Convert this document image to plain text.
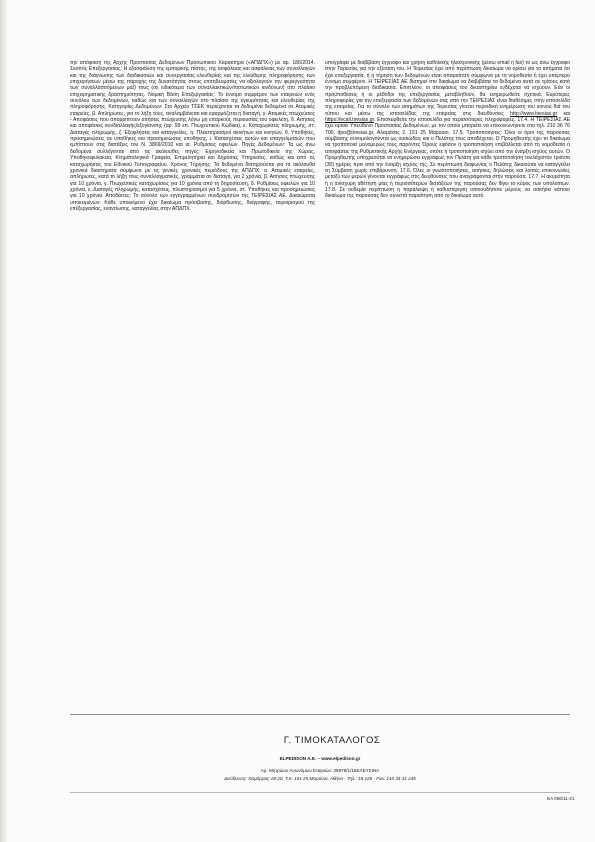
την απόφαση της Αρχής Προστασίας Δεδομένων Προσωπικού Χαρακτήρα («ΑΠΔΠΧ») με αρ. 186/2014. Σκοπός Επεξεργασίας: Η εξασφάλιση της εμπορικής πίστης, της ασφάλειας και ασφάλειας των συναλλαγών και της διάγνωσης των διαδικασιών και συνεργασίας ελευθερίας και της ελεύθερης πληροφόρησης των επιχειρήσεων μέσω της παροχής της δυνατότητας στους επιτηδευματίες να αξιολογούν την φερεγγυότητα των συναλλασσόμενων μαζί τους (σε ειδικότερα των συναλλακτικών/πιστωτικών κινδύνων) στο πλαίσιο επιχειρηματικής δραστηριότητας. Νομική Βάση Επεξεργασίας: Το έννομο συμφέρον των εταιρειών ενός συνόλου των δεδομένων, καθώς και των συναλλαγών στο πλαίσιο της εγκυρότητας και ελευθερίας της πληροφόρησης. Κατηγορίες Δεδομένων: Στο Αρχείο ΤΣΕΚ περιέχονται τα δεδομένα δεδομένα σε Ατομικές εταιρείες, β. Απλήρωτες, για το λήξη τους, αναλαμβάνεται και εφαρμόζεται η διαταγή, γ. Ατομικές πτωχεύσεις - Αποφάσεις που απορρίπτουν αιτήσεις πτώχευσης λόγω μη επαρκούς περιουσίας του οφειλέτη, δ. Αιτήσεις και αποφάσεις συνδιαλλαγής/εξυγίανσης (αρ. 99 επ. Πτωχευτικού Κώδικα), ε. Καταχωρίσεις πληρωμής, στ. Διαταγές πληρωμής, ζ. Εξοφλήσεις και καταγγελίες, η. Πλειστηριασμοί ακινήτων και κινητών, θ. Υποθήκες, προσημειώσεις σε υποθήκες και προσημειώσεις υποθήκης, ι. Κατασχέσεις αυτών και επαγγελματιών που εμπίπτουν στις διατάξεις του Ν. 3869/2010 και ια. Ρυθμίσεις οφειλών. Πηγές Δεδομένων: Τα ως άνω δεδομένα συλλέγονται από τις ακόλουθες πηγές: Ειρηνοδικεία και Πρωτοδικεία της Χώρας, Υποθηκοφυλακεία, Κτηματολογικά Γραφεία, Επιμελητήρια και Δημόσιες Υπηρεσίες, καθώς και από τις καταχωρήσεις του Εθνικού Τυπογραφείου. Χρόνος Τήρησης: Τα δεδομένα διατηρούνται για τα ακόλουθα χρονικά διαστήματα σύμφωνα με τις γενικές χρονικές περιόδους της ΑΠΔΠΧ: α. Ατομικές εταιρείες, απλήρωτες, κατά το λήξη τους συναλλαγματικές, γραμμάτια σε διαταγή, για 2 χρόνια, β. Αιτήσεις πτώχευσης για 10 χρόνια, γ. Πτωχευτικές καταχωρίσεις για 10 χρόνια από τη δημοσίευση, δ. Ρυθμίσεις οφειλών για 10 χρόνια, ε. Διαταγές πληρωμής, κατασχέσεις, πλειστηριασμοί για 5 χρόνια, στ. Υποθήκες και προσημειώσεις για 10 χρόνια. Αποδέκτες: Το σύνολο των εγγεγραμμένων συνδρομητών της ΤΕΙΡΕΣΙΑΣ ΑΕ. Δικαιώματα υποκειμένων: Κάθε υποκείμενο έχει δικαίωμα πρόσβασης, διόρθωσης, διαγραφής, περιορισμού της επεξεργασίας, εναντίωσης, καταγγελίας στην ΑΠΔΠΧ.

υπογράφει με διαβίβαση έγγραφο και χρήση καθολικής ηλεκτρονικής (μέσω email ή fax) το ως άνω έγγραφο στην Τειρεσίας για την εξέταση του. Η Τειρεσίας έχει από περίπτωση δικαίωμα να ορίσει για τα αιτήματα ότι έχει επεξεργασία, ή η τήρηση των δεδομένων είναι απαραίτητη σύμφωνα με τη νομοθεσία ή έχει υπέρτερο έννομο συμφέρον. Η ΤΕΙΡΕΣΙΑΣ ΑΕ διατηρεί στο δικαίωμα να διαβιβάσει τα δεδομένα αυτά σε τρίτους κατά την προβλεπόμενη διαδικασία. Επιπλέον, οι αποφάσεις του δικαστηρίου ενδέχεται να ισχύουν. Εάν οι προϋποθέσεις ή οι μέθοδοι της επεξεργασίας μεταβληθούν, θα ενημερωθείτε σχετικά. Ευρύτερες πληροφορίες για την επεξεργασία των δεδομένων σας από την ΤΕΙΡΕΣΙΑΣ είναι διαθέσιμες στην ιστοσελίδα της εταιρείας. Για το σύνολο των αιτημάτων της Τειρεσίας γίνεται περιοδική ενημέρωση του κοινού διά του τύπου και μέσω της ιστοσελίδας της εταιρείας στις διευθύνσεις http://www.tiresias.gr και https://ecall.tiresias.gr. Επισκεφθείτε την ιστοσελίδα για περισσότερες πληροφορίες. 17.4. Η ΤΕΙΡΕΣΙΑΣ ΑΕ έχει ορίσει Υπεύθυνο Προστασίας Δεδομένων, με τον οποίο μπορείτε να επικοινωνήσετε στο τηλ. 210 36 76 700, dpo@tiresias.gr, Αλαμάνας 2, 151 25 Μαρούσι. 17.5. Τροποποιήσεις: Όλοι οι όροι της παρούσας σύμβασης συνομολογούνται ως ουσιώδεις και ο Πελάτης τους αποδέχεται. Ο Προμηθευτής έχει το δικαίωμα να τροποποιεί μονομερώς τους παρόντες Όρους εφόσον η τροποποίηση επιβάλλεται από τη νομοθεσία ή αποφάσεις της Ρυθμιστικής Αρχής Ενέργειας, οπότε η τροποποίηση ισχύει από την έναρξη ισχύος αυτών. Ο Προμηθευτής υποχρεούται να ενημερώσει εγγράφως τον Πελάτη για κάθε τροποποίηση τουλάχιστον τριάντα (30) ημέρες πριν από την έναρξη ισχύος της. Σε περίπτωση διαφωνίας ο Πελάτης δικαιούται να καταγγείλει τη Σύμβαση χωρίς επιβάρυνση. 17.6. Όλες οι γνωστοποιήσεις, αιτήσεις, δηλώσεις και λοιπές επικοινωνίες μεταξύ των μερών γίνονται εγγράφως στις διευθύνσεις που αναγράφονται στην παρούσα. 17.7. Η ακυρότητα ή η ανίσχυρη αθέτηση μίας ή περισσότερων διατάξεων της παρούσας δεν θίγει το κύρος των υπολοίπων. 17.8. Σε ουδεμία περίπτωση η παράλειψη ή καθυστέρηση οποιουδήποτε μέρους να ασκήσει κάποιο δικαίωμα της παρούσας δεν συνιστά παραίτηση από το δικαίωμα αυτό.

Γ. ΤΙΜΟΚΑΤΑΛΟΓΟΣ
ELPEDISON A.E. – www.elpedison.gr
Αρ. Μητρώου Ανωνύμων Εταιριών: 28978/1/15ΕΛΕΥΣΙΝΑ
Διεύθυνση: Χειμάρρας 18-20, Τ.Κ. 151 25 Μαρούσι, Αθήνα · Τηλ.: 18 128 · Fax: 210 34 41 245
ΕΑ 056/11-21
